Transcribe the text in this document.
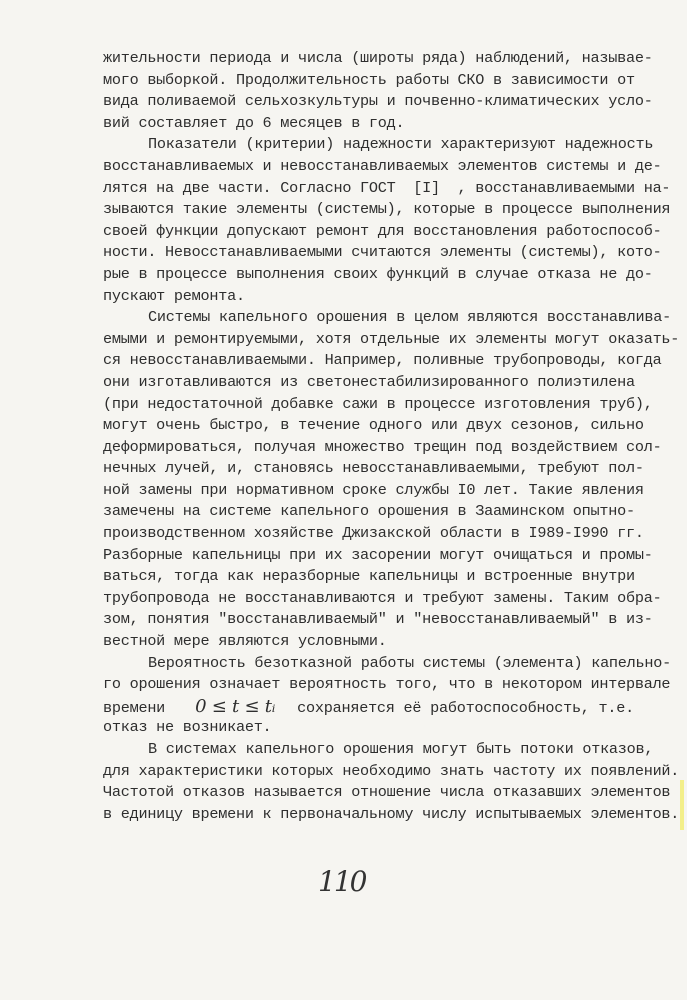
жительности периода и числа (широты ряда) наблюдений, называе-
мого выборкой. Продолжительность работы СКО в зависимости от
вида поливаемой сельхозкультуры и почвенно-климатических усло-
вий составляет до 6 месяцев в год.
Показатели (критерии) надежности характеризуют надежность
восстанавливаемых и невосстанавливаемых элементов системы и де-
лятся на две части. Согласно ГОСТ  [I]  , восстанавливаемыми на-
зываются такие элементы (системы), которые в процессе выполнения
своей функции допускают ремонт для восстановления работоспособ-
ности. Невосстанавливаемыми считаются элементы (системы), кото-
рые в процессе выполнения своих функций в случае отказа не до-
пускают ремонта.
Системы капельного орошения в целом являются восстанавлива-
емыми и ремонтируемыми, хотя отдельные их элементы могут оказать-
ся невосстанавливаемыми. Например, поливные трубопроводы, когда
они изготавливаются из светонестабилизированного полиэтилена
(при недостаточной добавке сажи в процессе изготовления труб),
могут очень быстро, в течение одного или двух сезонов, сильно
деформироваться, получая множество трещин под воздействием сол-
нечных лучей, и, становясь невосстанавливаемыми, требуют пол-
ной замены при нормативном сроке службы I0 лет. Такие явления
замечены на системе капельного орошения в Зааминском опытно-
производственном хозяйстве Джизакской области в I989-I990 гг.
Разборные капельницы при их засорении могут очищаться и промы-
ваться, тогда как неразборные капельницы и встроенные внутри
трубопровода не восстанавливаются и требуют замены. Таким обра-
зом, понятия "восстанавливаемый" и "невосстанавливаемый" в из-
вестной мере являются условными.
Вероятность безотказной работы системы (элемента) капельно-
го орошения означает вероятность того, что в некотором интервале
времени 0 ≤ t ≤ tᵢ сохраняется её работоспособность, т.е.
отказ не возникает.
В системах капельного орошения могут быть потоки отказов,
для характеристики которых необходимо знать частоту их появлений.
Частотой отказов называется отношение числа отказавших элементов
в единицу времени к первоначальному числу испытываемых элементов.
110
